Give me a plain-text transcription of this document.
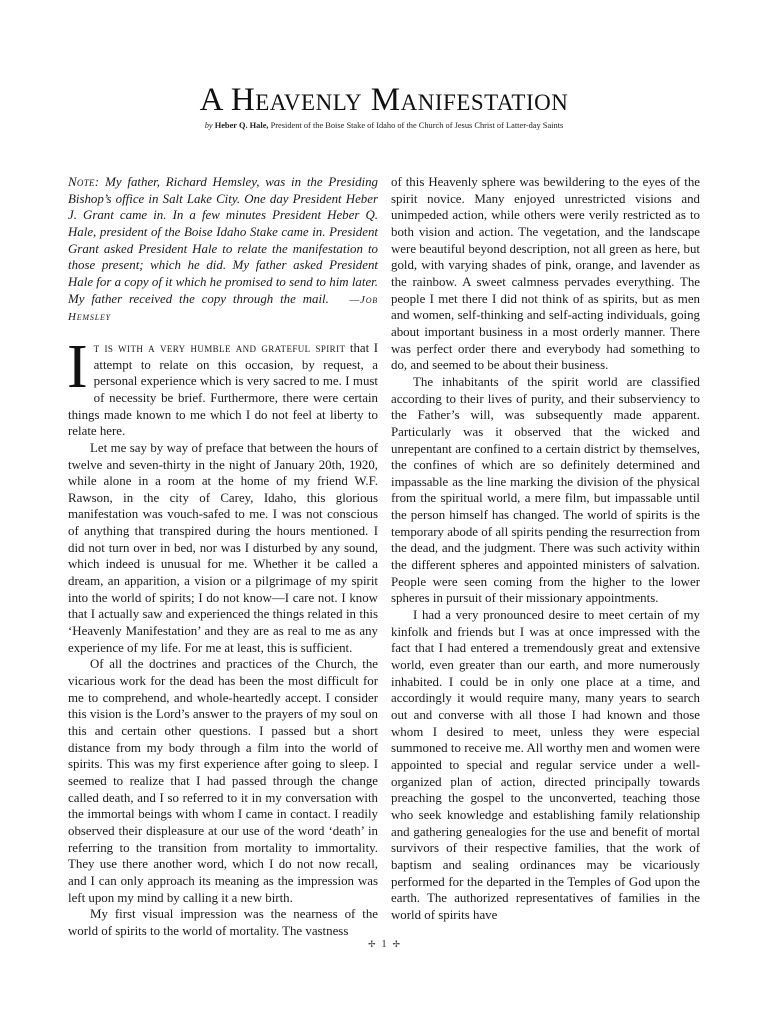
A Heavenly Manifestation
by Heber Q. Hale, President of the Boise Stake of Idaho of the Church of Jesus Christ of Latter-day Saints
Note: My father, Richard Hemsley, was in the Presiding Bishop’s office in Salt Lake City. One day President Heber J. Grant came in. In a few minutes President Heber Q. Hale, president of the Boise Idaho Stake came in. President Grant asked President Hale to relate the manifestation to those present; which he did. My father asked President Hale for a copy of it which he promised to send to him later. My father received the copy through the mail. —Job Hemsley

It is with a very humble and grateful spirit that I attempt to relate on this occasion, by request, a personal experience which is very sacred to me. I must of necessity be brief. Furthermore, there were certain things made known to me which I do not feel at liberty to relate here.

Let me say by way of preface that between the hours of twelve and seven-thirty in the night of January 20th, 1920, while alone in a room at the home of my friend W.F. Rawson, in the city of Carey, Idaho, this glorious manifestation was vouch-safed to me. I was not conscious of anything that transpired during the hours mentioned. I did not turn over in bed, nor was I disturbed by any sound, which indeed is unusual for me. Whether it be called a dream, an apparition, a vision or a pilgrimage of my spirit into the world of spirits; I do not know—I care not. I know that I actually saw and experienced the things related in this ‘Heavenly Manifestation’ and they are as real to me as any experience of my life. For me at least, this is sufficient.

Of all the doctrines and practices of the Church, the vicarious work for the dead has been the most difficult for me to comprehend, and whole-heartedly accept. I consider this vision is the Lord’s answer to the prayers of my soul on this and certain other questions. I passed but a short distance from my body through a film into the world of spirits. This was my first experience after going to sleep. I seemed to realize that I had passed through the change called death, and I so referred to it in my conversation with the immortal beings with whom I came in contact. I readily observed their displeasure at our use of the word ‘death’ in referring to the transition from mortality to immortality. They use there another word, which I do not now recall, and I can only approach its meaning as the impression was left upon my mind by calling it a new birth.

My first visual impression was the nearness of the world of spirits to the world of mortality. The vastness

of this Heavenly sphere was bewildering to the eyes of the spirit novice. Many enjoyed unrestricted visions and unimpeded action, while others were verily restricted as to both vision and action. The vegetation, and the landscape were beautiful beyond description, not all green as here, but gold, with varying shades of pink, orange, and lavender as the rainbow. A sweet calmness pervades everything. The people I met there I did not think of as spirits, but as men and women, self-thinking and self-acting individuals, going about important business in a most orderly manner. There was perfect order there and everybody had something to do, and seemed to be about their business.

The inhabitants of the spirit world are classified according to their lives of purity, and their subserviency to the Father’s will, was subsequently made apparent. Particularly was it observed that the wicked and unrepentant are confined to a certain district by themselves, the confines of which are so definitely determined and impassable as the line marking the division of the physical from the spiritual world, a mere film, but impassable until the person himself has changed. The world of spirits is the temporary abode of all spirits pending the resurrection from the dead, and the judgment. There was such activity within the different spheres and appointed ministers of salvation. People were seen coming from the higher to the lower spheres in pursuit of their missionary appointments.

I had a very pronounced desire to meet certain of my kinfolk and friends but I was at once impressed with the fact that I had entered a tremendously great and extensive world, even greater than our earth, and more numerously inhabited. I could be in only one place at a time, and accordingly it would require many, many years to search out and converse with all those I had known and those whom I desired to meet, unless they were especial summoned to receive me. All worthy men and women were appointed to special and regular service under a well-organized plan of action, directed principally towards preaching the gospel to the unconverted, teaching those who seek knowledge and establishing family relationship and gathering genealogies for the use and benefit of mortal survivors of their respective families, that the work of baptism and sealing ordinances may be vicariously performed for the departed in the Temples of God upon the earth. The authorized representatives of families in the world of spirits have

✢ 1 ✢
